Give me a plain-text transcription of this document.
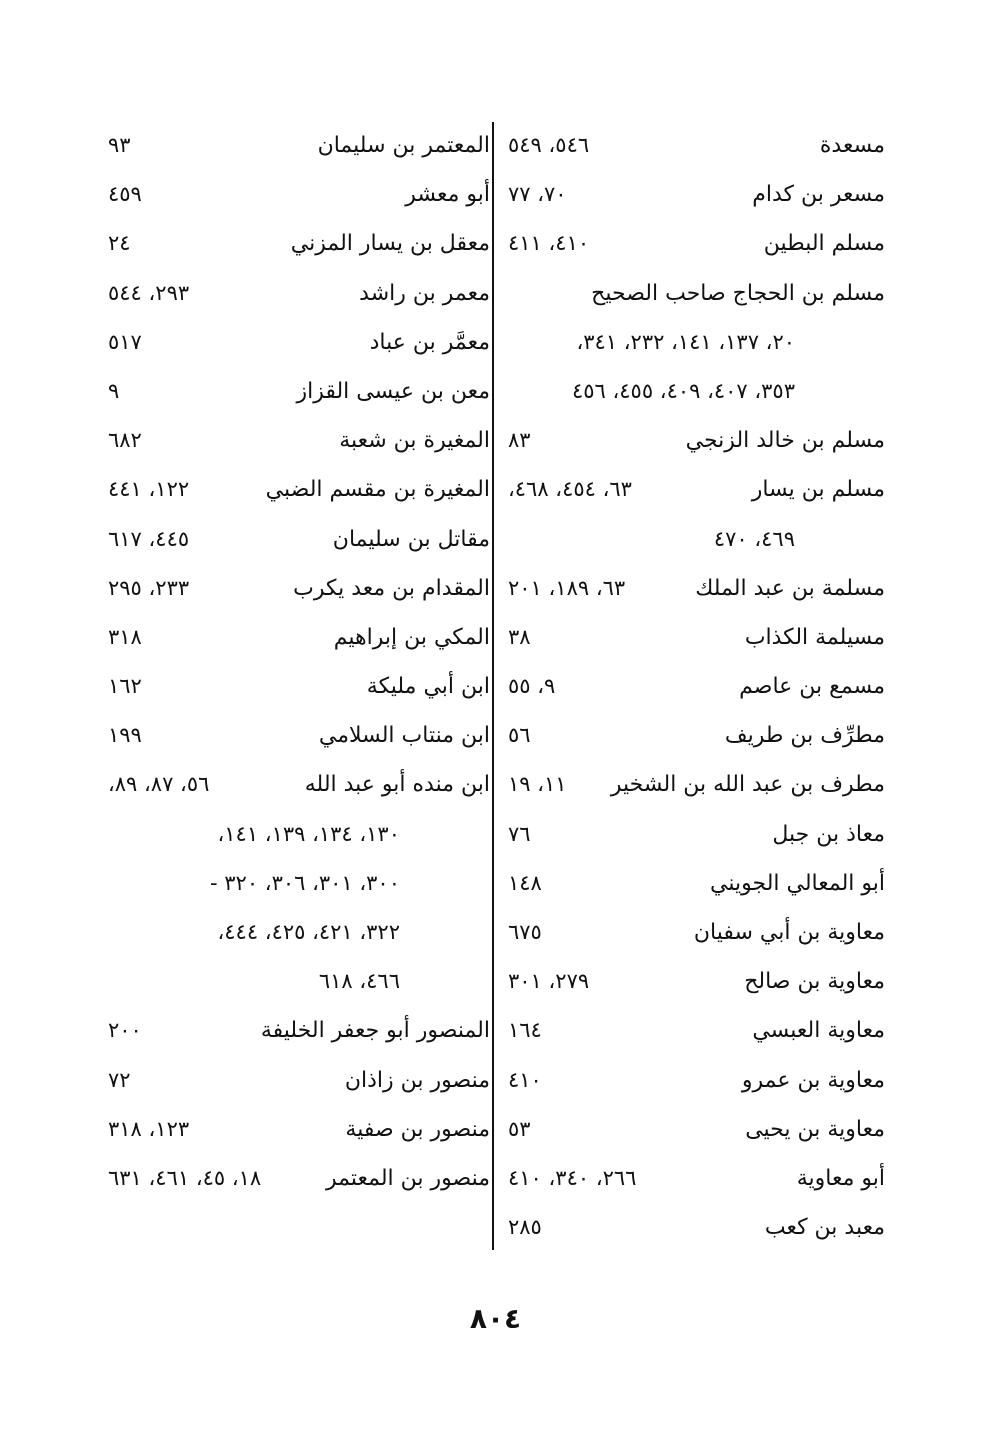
مسعدة
٥٤٦، ٥٤٩
مسعر بن كدام
٧٠، ٧٧
مسلم البطين
٤١٠، ٤١١
مسلم بن الحجاج صاحب الصحيح
٢٠، ١٣٧، ١٤١، ٢٣٢، ٣٤١،
٣٥٣، ٤٠٧، ٤٠٩، ٤٥٥، ٤٥٦
مسلم بن خالد الزنجي
٨٣
مسلم بن يسار
٦٣، ٤٥٤، ٤٦٨،
٤٦٩، ٤٧٠
مسلمة بن عبد الملك
٦٣، ١٨٩، ٢٠١
مسيلمة الكذاب
٣٨
مسمع بن عاصم
٩، ٥٥
مطرِّف بن طريف
٥٦
مطرف بن عبد الله بن الشخير
١١، ١٩
معاذ بن جبل
٧٦
أبو المعالي الجويني
١٤٨
معاوية بن أبي سفيان
٦٧٥
معاوية بن صالح
٢٧٩، ٣٠١
معاوية العبسي
١٦٤
معاوية بن عمرو
٤١٠
معاوية بن يحيى
٥٣
أبو معاوية
٢٦٦، ٣٤٠، ٤١٠
معبد بن كعب
٢٨٥
المعتمر بن سليمان
٩٣
أبو معشر
٤٥٩
معقل بن يسار المزني
٢٤
معمر بن راشد
٢٩٣، ٥٤٤
معمَّر بن عباد
٥١٧
معن بن عيسى القزاز
٩
المغيرة بن شعبة
٦٨٢
المغيرة بن مقسم الضبي
١٢٢، ٤٤١
مقاتل بن سليمان
٤٤٥، ٦١٧
المقدام بن معد يكرب
٢٣٣، ٢٩٥
المكي بن إبراهيم
٣١٨
ابن أبي مليكة
١٦٢
ابن منتاب السلامي
١٩٩
ابن منده أبو عبد الله
٥٦، ٨٧، ٨٩،
١٣٠، ١٣٤، ١٣٩، ١٤١،
٣٠٠، ٣٠١، ٣٠٦، ٣٢٠ -
٣٢٢، ٤٢١، ٤٢٥، ٤٤٤،
٤٦٦، ٦١٨
المنصور أبو جعفر الخليفة
٢٠٠
منصور بن زاذان
٧٢
منصور بن صفية
١٢٣، ٣١٨
منصور بن المعتمر
١٨، ٤٥، ٤٦١، ٦٣١
٨٠٤
